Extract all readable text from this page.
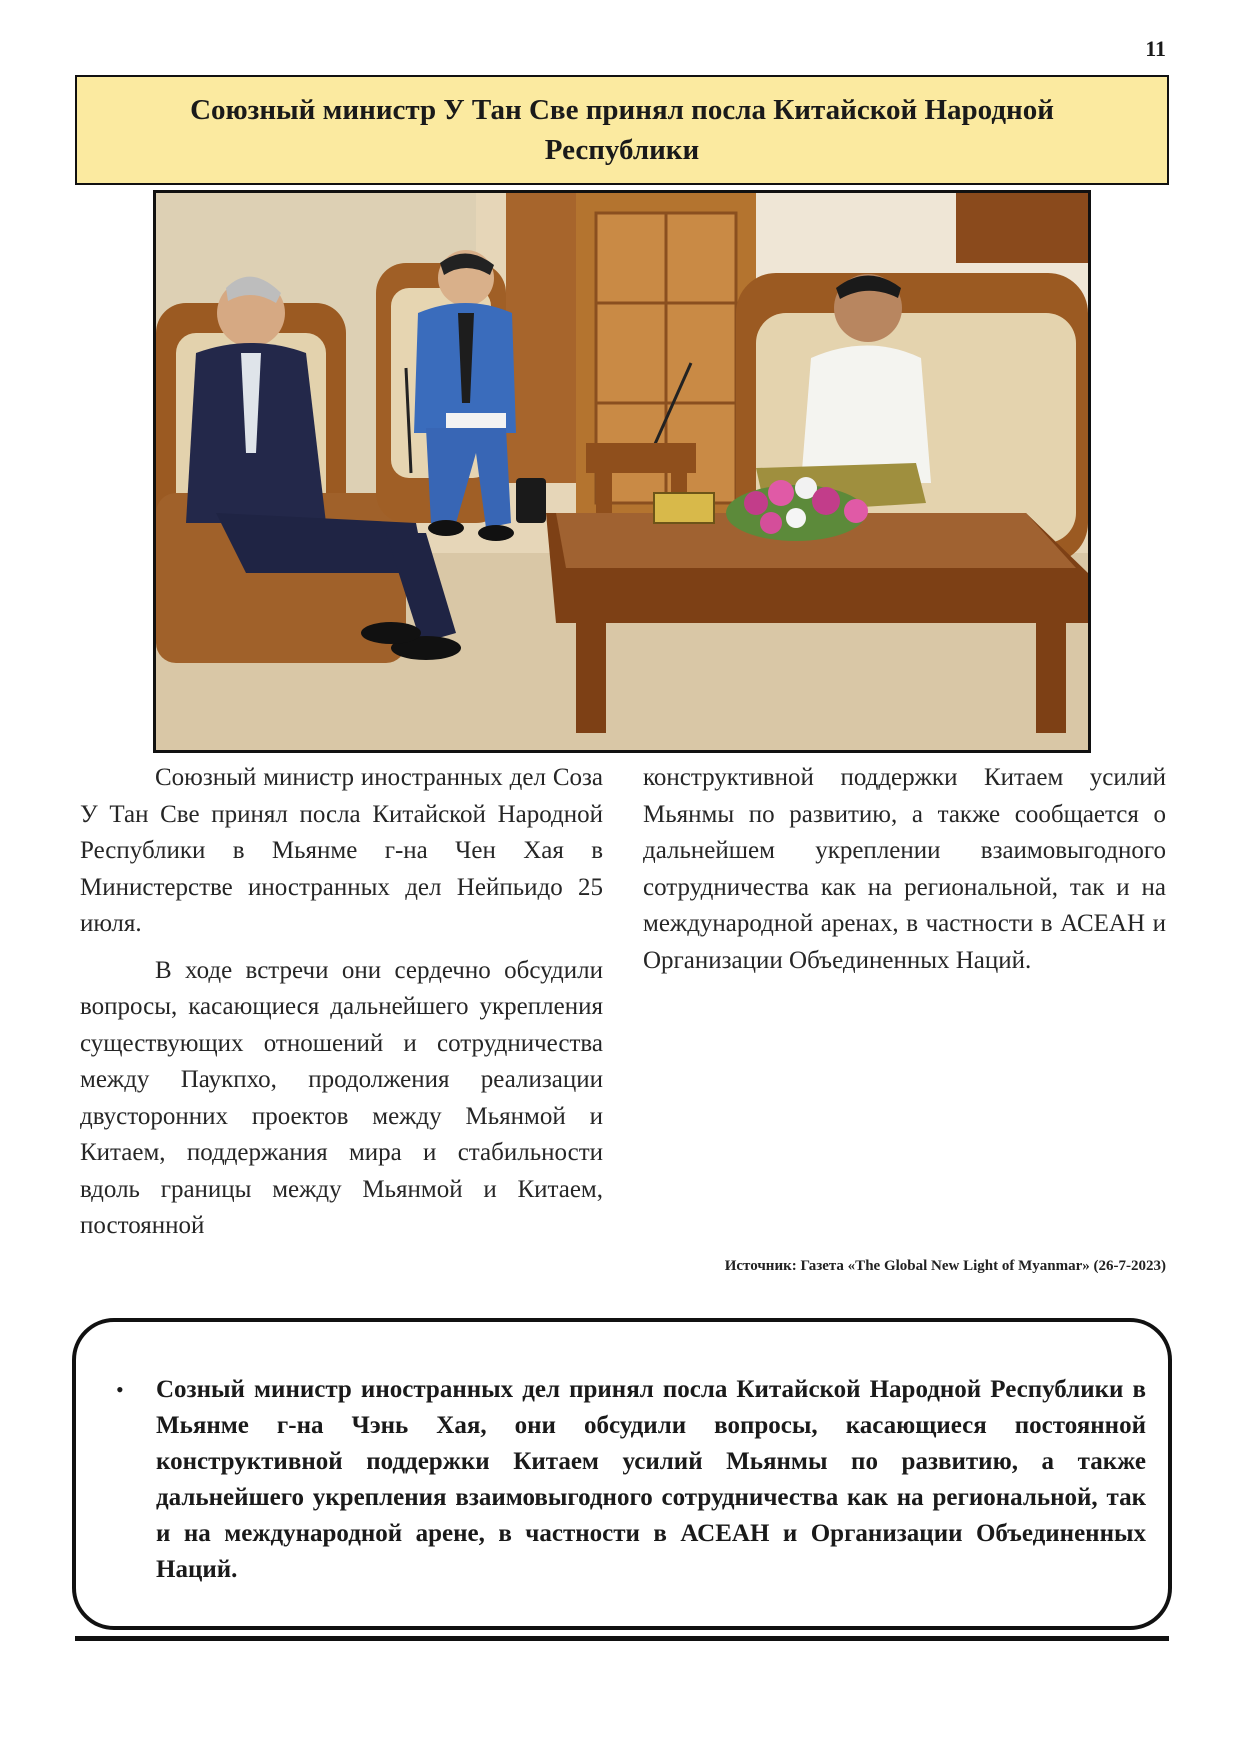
11
Союзный министр У Тан Све принял посла Китайской Народной Республики

Союзный министр иностранных дел Соза У Тан Све принял посла Китайской Народной Республики в Мьянме г-на Чен Хая в Министерстве иностранных дел Нейпьидо 25 июля.

В ходе встречи они сердечно обсудили вопросы, касающиеся дальнейшего укрепления существующих отношений и сотрудничества между Паукпхо, продолжения реализации двусторонних проектов между Мьянмой и Китаем, поддержания мира и стабильности вдоль границы между Мьянмой и Китаем, постоянной

конструктивной поддержки Китаем усилий Мьянмы по развитию, а также сообщается о дальнейшем укреплении взаимовыгодного сотрудничества как на региональной, так и на международной аренах, в частности в АСЕАН и Организации Объединенных Наций.

Источник: Газета «The Global New Light of Myanmar» (26-7-2023)
•	Созный министр иностранных дел принял посла Китайской Народной Республики в Мьянме г-на Чэнь Хая, они обсудили вопросы, касающиеся постоянной конструктивной поддержки Китаем усилий Мьянмы по развитию, а также дальнейшего укрепления взаимовыгодного сотрудничества как на региональной, так и на международной арене, в частности в АСЕАН и Организации Объединенных Наций.
